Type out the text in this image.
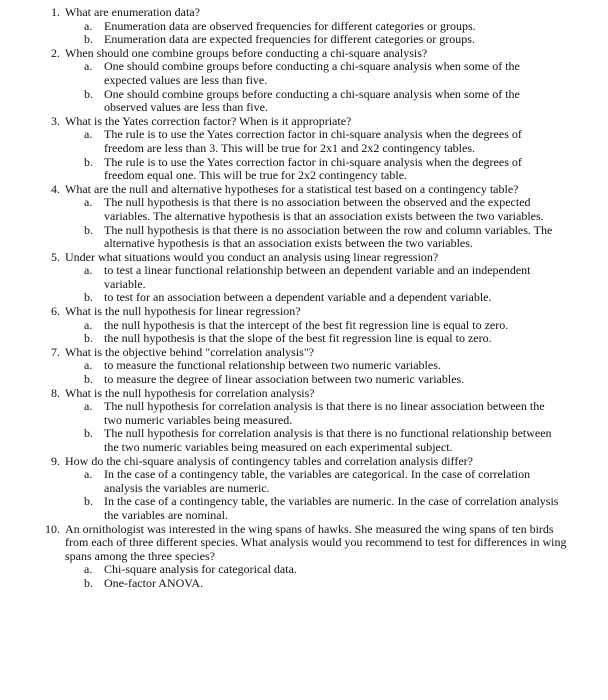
1. What are enumeration data?
a. Enumeration data are observed frequencies for different categories or groups.
b. Enumeration data are expected frequencies for different categories or groups.
2. When should one combine groups before conducting a chi-square analysis?
a. One should combine groups before conducting a chi-square analysis when some of the expected values are less than five.
b. One should combine groups before conducting a chi-square analysis when some of the observed values are less than five.
3. What is the Yates correction factor? When is it appropriate?
a. The rule is to use the Yates correction factor in chi-square analysis when the degrees of freedom are less than 3. This will be true for 2x1 and 2x2 contingency tables.
b. The rule is to use the Yates correction factor in chi-square analysis when the degrees of freedom equal one. This will be true for 2x2 contingency table.
4. What are the null and alternative hypotheses for a statistical test based on a contingency table?
a. The null hypothesis is that there is no association between the observed and the expected variables. The alternative hypothesis is that an association exists between the two variables.
b. The null hypothesis is that there is no association between the row and column variables. The alternative hypothesis is that an association exists between the two variables.
5. Under what situations would you conduct an analysis using linear regression?
a. to test a linear functional relationship between an dependent variable and an independent variable.
b. to test for an association between a dependent variable and a dependent variable.
6. What is the null hypothesis for linear regression?
a. the null hypothesis is that the intercept of the best fit regression line is equal to zero.
b. the null hypothesis is that the slope of the best fit regression line is equal to zero.
7. What is the objective behind "correlation analysis"?
a. to measure the functional relationship between two numeric variables.
b. to measure the degree of linear association between two numeric variables.
8. What is the null hypothesis for correlation analysis?
a. The null hypothesis for correlation analysis is that there is no linear association between the two numeric variables being measured.
b. The null hypothesis for correlation analysis is that there is no functional relationship between the two numeric variables being measured on each experimental subject.
9. How do the chi-square analysis of contingency tables and correlation analysis differ?
a. In the case of a contingency table, the variables are categorical. In the case of correlation analysis the variables are numeric.
b. In the case of a contingency table, the variables are numeric. In the case of correlation analysis the variables are nominal.
10. An ornithologist was interested in the wing spans of hawks. She measured the wing spans of ten birds from each of three different species. What analysis would you recommend to test for differences in wing spans among the three species?
a. Chi-square analysis for categorical data.
b. One-factor ANOVA.
